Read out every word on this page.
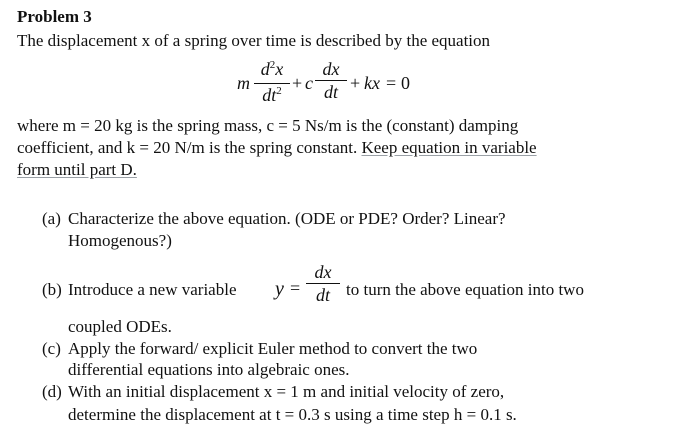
Problem 3
The displacement x of a spring over time is described by the equation
m
$d^2x$
$dt^2 + c$
dx
dt + kx = 0
where m = 20 kg is the spring mass, c = 5 Ns/m is the (constant) damping
coefficient, and k = 20 N/m is the spring constant. Keep equation in variable
form until part D.
(a) Characterize the above equation. (ODE or PDE? Order? Linear?
Homogenous?)
(b) Introduce a new variable y =
dx
dt to turn the above equation into two
coupled ODEs.
(c) Apply the forward/ explicit Euler method to convert the two
differential equations into algebraic ones.
(d) With an initial displacement x = 1 m and initial velocity of zero,
determine the displacement at t = 0.3 s using a time step h = 0.1 s.
